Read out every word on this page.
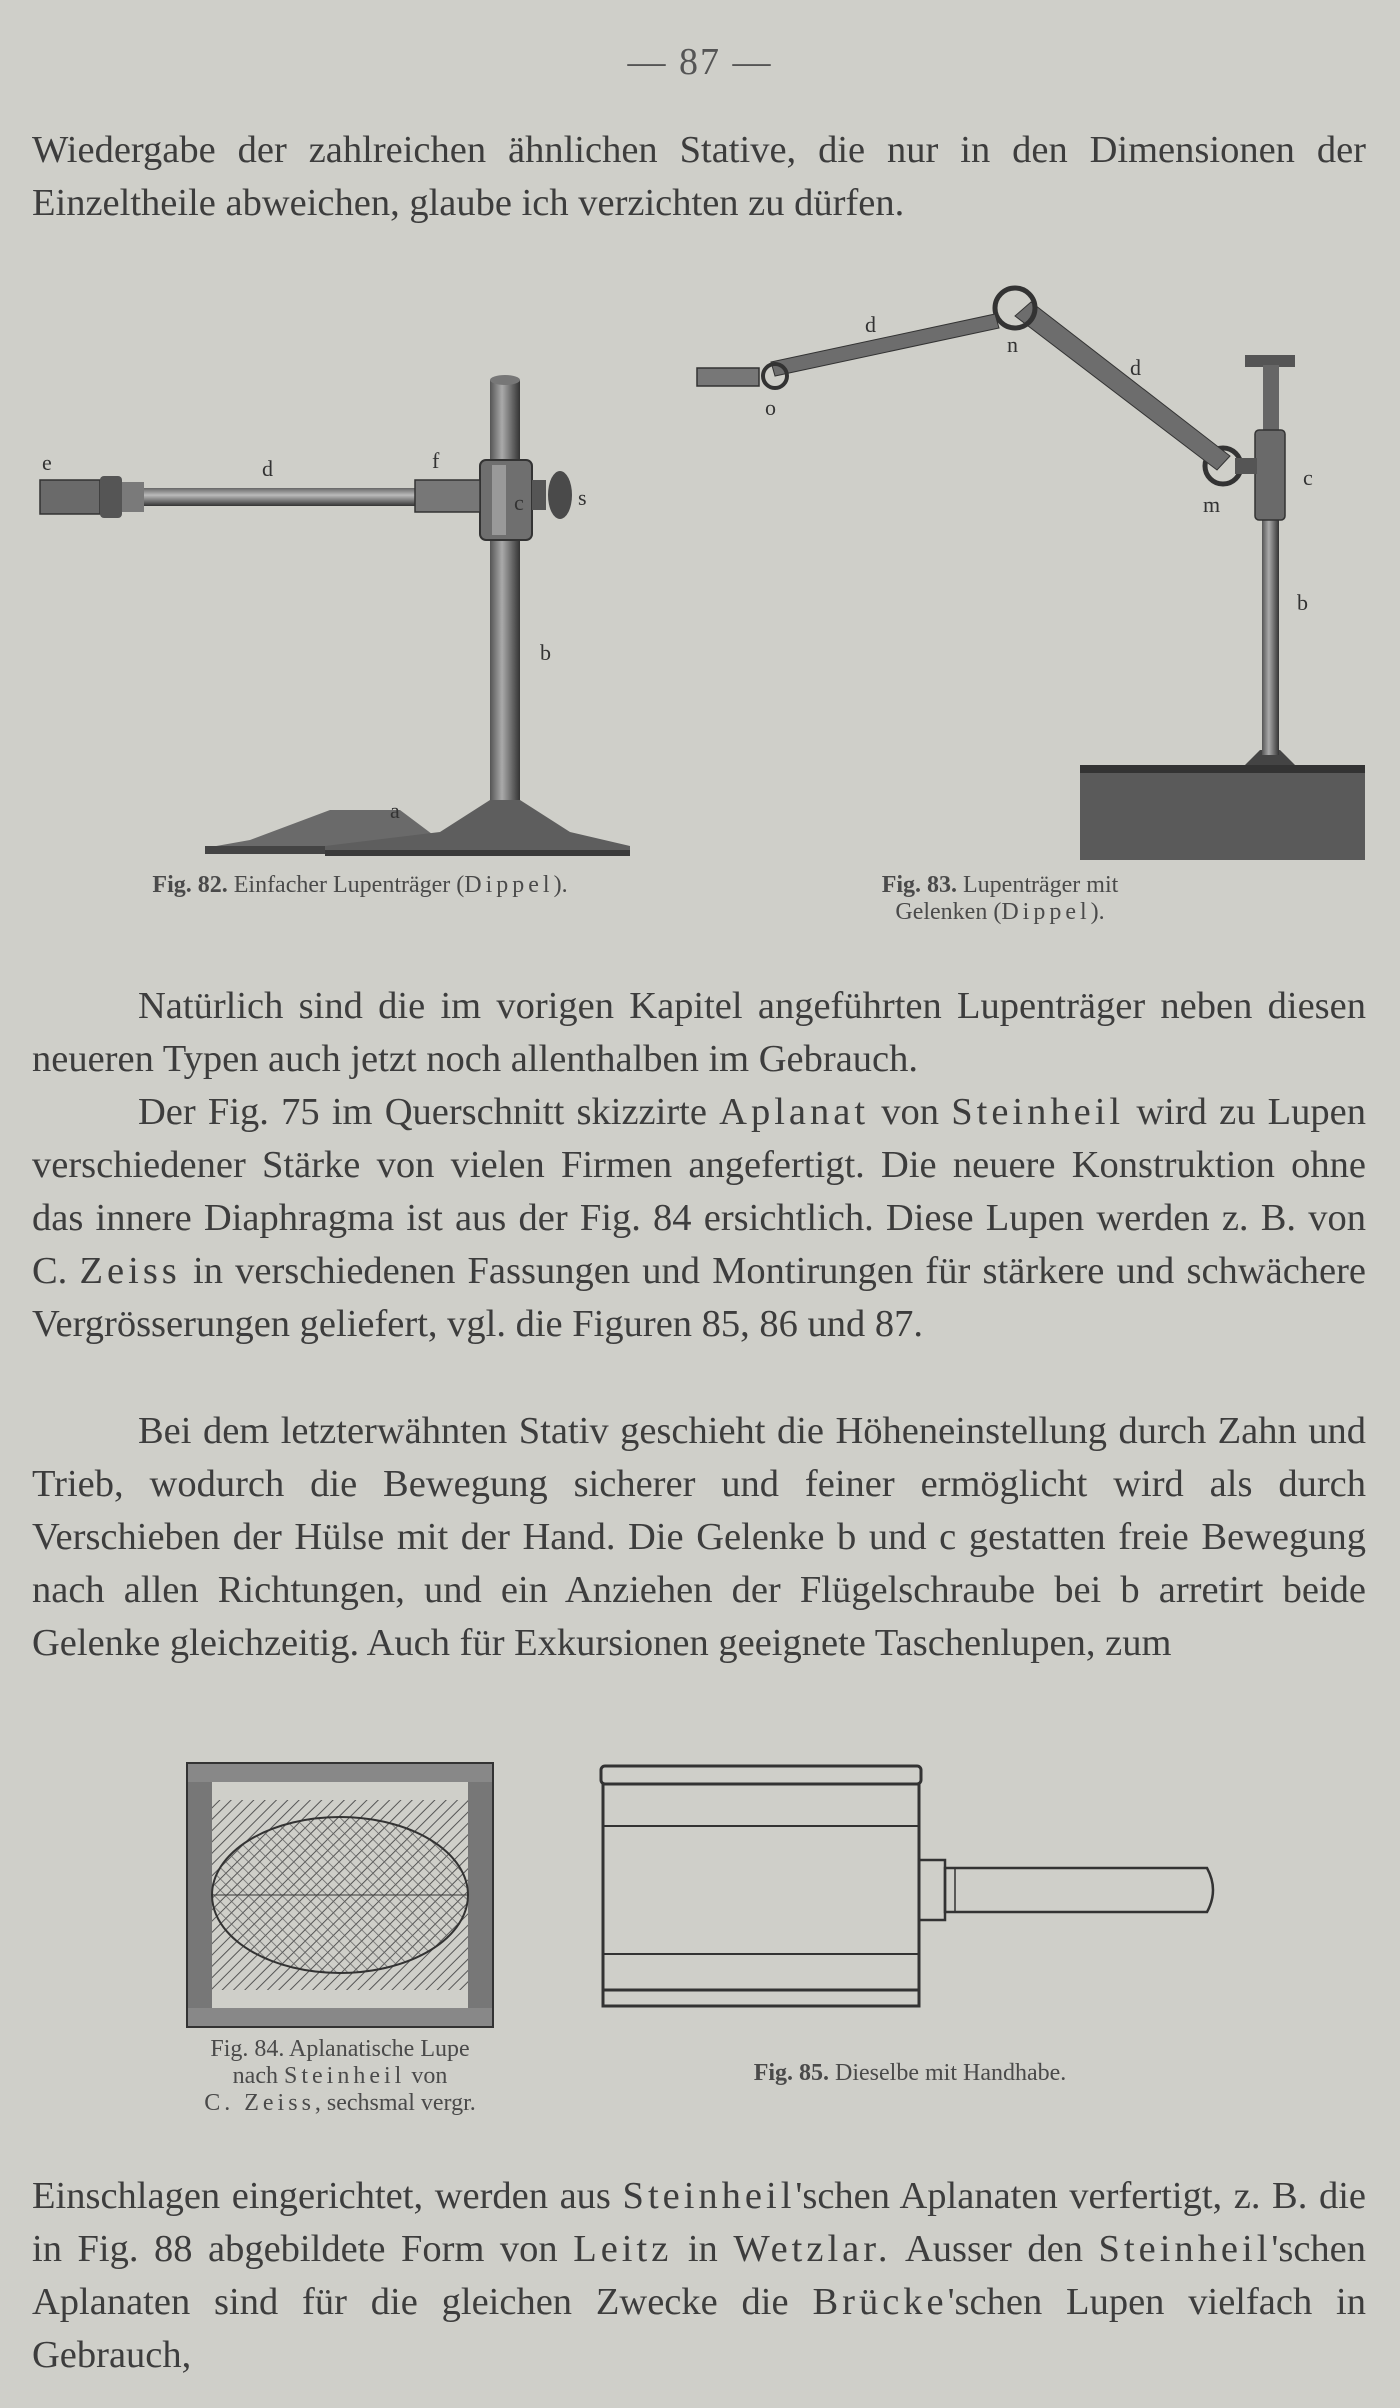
— 87 —

Wiedergabe der zahlreichen ähnlichen Stative, die nur in den Dimensionen der Einzeltheile abweichen, glaube ich verzichten zu dürfen.

e	d	f
c s
b
a
Fig. 82. Einfacher Lupenträger (Dippel).
d
n
d
o
m
c
b
Fig. 83. Lupenträger mit
Gelenken (Dippel).

Natürlich sind die im vorigen Kapitel angeführten Lupenträger neben diesen neueren Typen auch jetzt noch allenthalben im Gebrauch.

Der Fig. 75 im Querschnitt skizzirte Aplanat von Steinheil wird zu Lupen verschiedener Stärke von vielen Firmen angefertigt. Die neuere Konstruktion ohne das innere Diaphragma ist aus der Fig. 84 ersichtlich. Diese Lupen werden z. B. von C. Zeiss in verschiedenen Fassungen und Montirungen für stärkere und schwächere Vergrösserungen geliefert, vgl. die Figuren 85, 86 und 87.

Bei dem letzterwähnten Stativ geschieht die Höheneinstellung durch Zahn und Trieb, wodurch die Bewegung sicherer und feiner ermöglicht wird als durch Verschieben der Hülse mit der Hand. Die Gelenke b und c gestatten freie Bewegung nach allen Richtungen, und ein Anziehen der Flügelschraube bei b arretirt beide Gelenke gleichzeitig. Auch für Exkursionen geeignete Taschenlupen, zum

Fig. 84. Aplanatische Lupe
nach Steinheil von
C. Zeiss, sechsmal vergr.
Fig. 85. Dieselbe mit Handhabe.

Einschlagen eingerichtet, werden aus Steinheil'schen Aplanaten verfertigt, z. B. die in Fig. 88 abgebildete Form von Leitz in Wetzlar. Ausser den Steinheil'schen Aplanaten sind für die gleichen Zwecke die Brücke'schen Lupen vielfach in Gebrauch,
